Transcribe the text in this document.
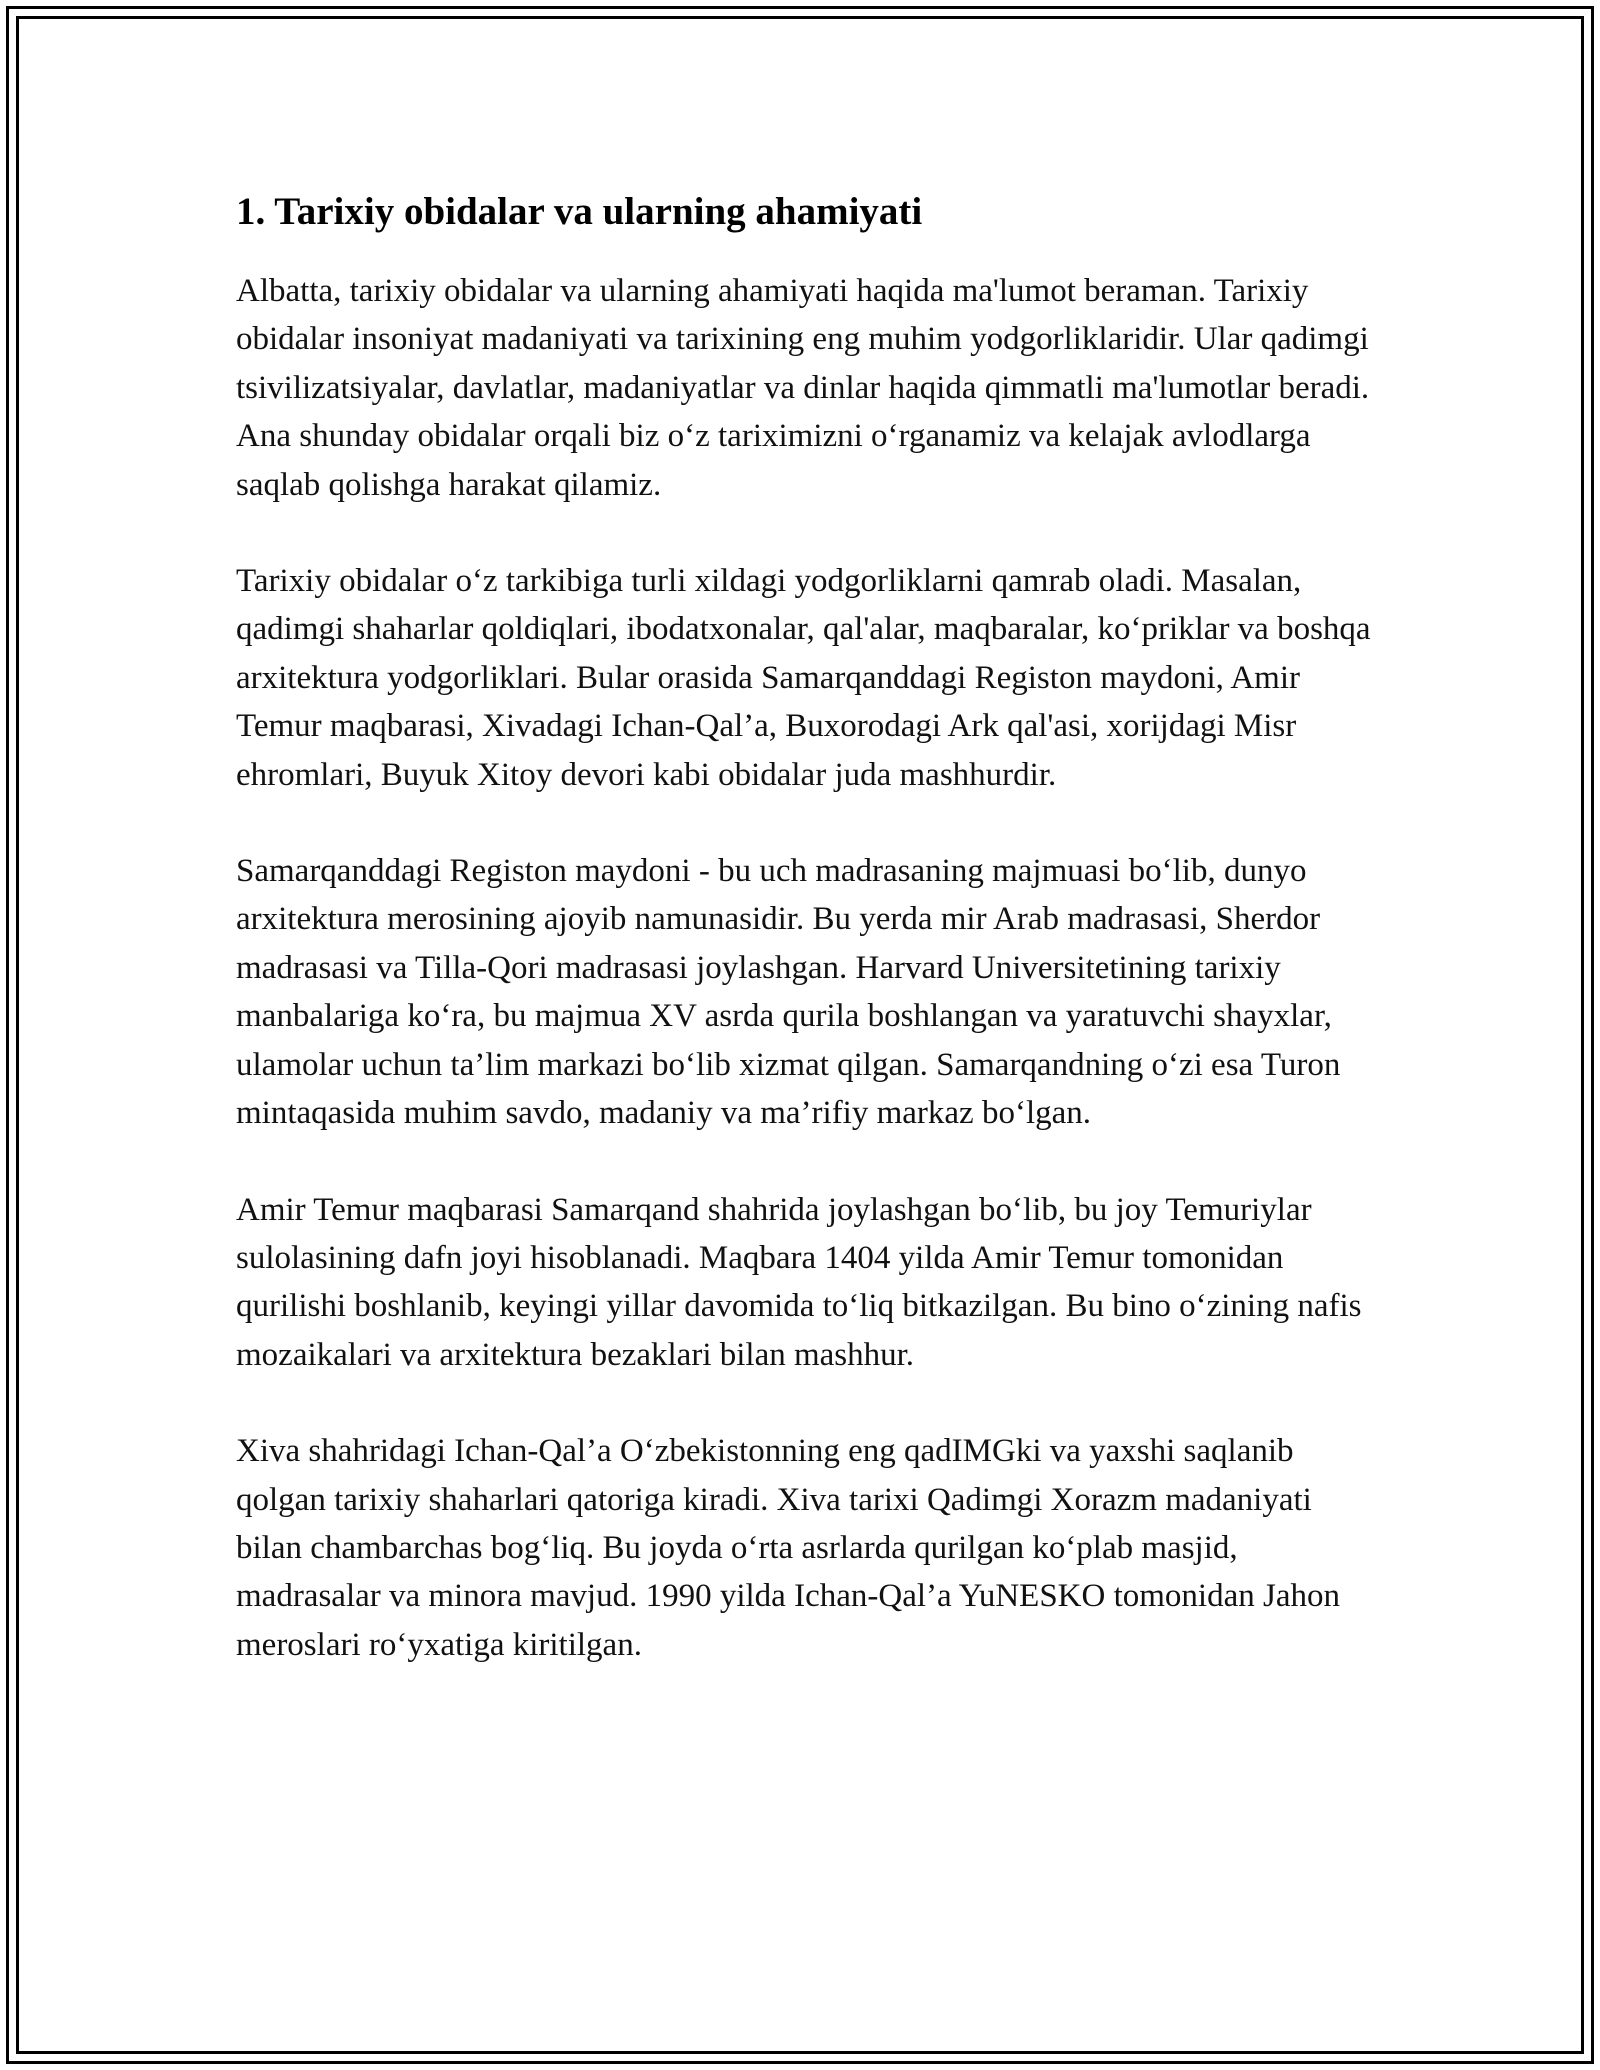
1. Tarixiy obidalar va ularning ahamiyati

Albatta, tarixiy obidalar va ularning ahamiyati haqida ma'lumot beraman. Tarixiy obidalar insoniyat madaniyati va tarixining eng muhim yodgorliklaridir. Ular qadimgi tsivilizatsiyalar, davlatlar, madaniyatlar va dinlar haqida qimmatli ma'lumotlar beradi. Ana shunday obidalar orqali biz o‘z tariximizni o‘rganamiz va kelajak avlodlarga saqlab qolishga harakat qilamiz.

Tarixiy obidalar o‘z tarkibiga turli xildagi yodgorliklarni qamrab oladi. Masalan, qadimgi shaharlar qoldiqlari, ibodatxonalar, qal'alar, maqbaralar, ko‘priklar va boshqa arxitektura yodgorliklari. Bular orasida Samarqanddagi Registon maydoni, Amir Temur maqbarasi, Xivadagi Ichan-Qal’a, Buxorodagi Ark qal'asi, xorijdagi Misr ehromlari, Buyuk Xitoy devori kabi obidalar juda mashhurdir.

Samarqanddagi Registon maydoni - bu uch madrasaning majmuasi bo‘lib, dunyo arxitektura merosining ajoyib namunasidir. Bu yerda mir Arab madrasasi, Sherdor madrasasi va Tilla-Qori madrasasi joylashgan. Harvard Universitetining tarixiy manbalariga ko‘ra, bu majmua XV asrda qurila boshlangan va yaratuvchi shayxlar, ulamolar uchun ta’lim markazi bo‘lib xizmat qilgan. Samarqandning o‘zi esa Turon mintaqasida muhim savdo, madaniy va ma’rifiy markaz bo‘lgan.

Amir Temur maqbarasi Samarqand shahrida joylashgan bo‘lib, bu joy Temuriylar sulolasining dafn joyi hisoblanadi. Maqbara 1404 yilda Amir Temur tomonidan qurilishi boshlanib, keyingi yillar davomida to‘liq bitkazilgan. Bu bino o‘zining nafis mozaikalari va arxitektura bezaklari bilan mashhur.

Xiva shahridagi Ichan-Qal’a O‘zbekistonning eng qadIMGki va yaxshi saqlanib qolgan tarixiy shaharlari qatoriga kiradi. Xiva tarixi Qadimgi Xorazm madaniyati bilan chambarchas bog‘liq. Bu joyda o‘rta asrlarda qurilgan ko‘plab masjid, madrasalar va minora mavjud. 1990 yilda Ichan-Qal’a YuNESKO tomonidan Jahon meroslari ro‘yxatiga kiritilgan.
